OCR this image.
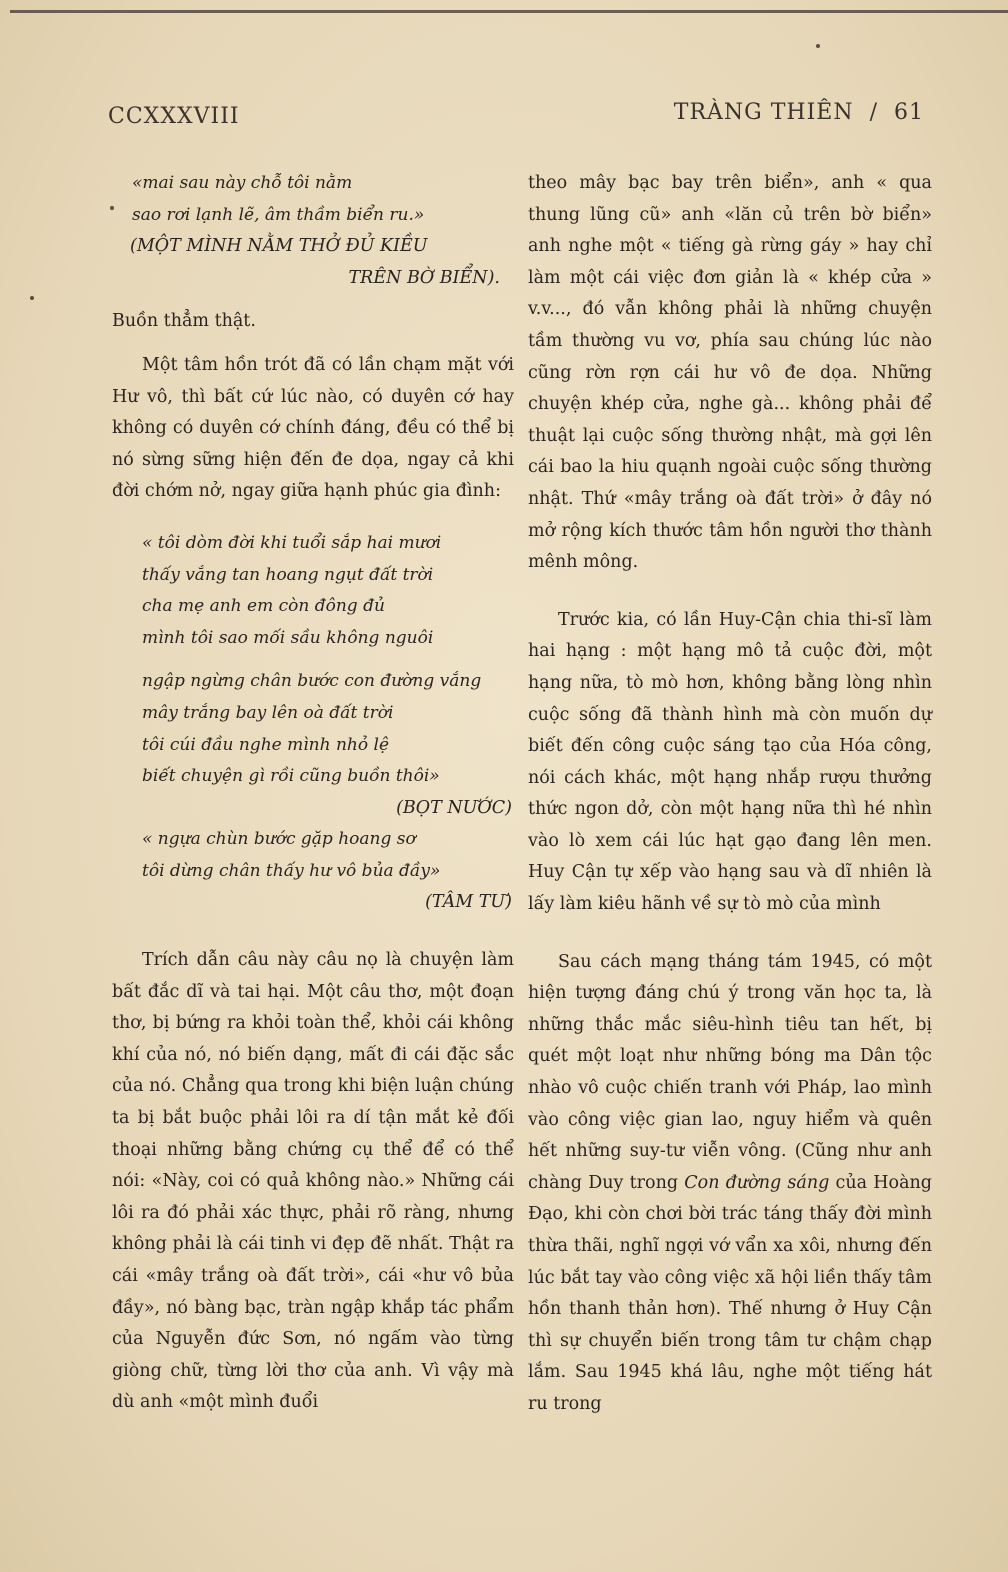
CCXXXVIII	TRÀNG THIÊN / 61

«mai sau này chỗ tôi nằm

sao rơi lạnh lẽ, âm thầm biển ru.»

(MỘT MÌNH NẰM THỞ ĐỦ KIỀU

TRÊN BỜ BIỂN).

Buồn thẳm thật.

Một tâm hồn trót đã có lần chạm mặt với Hư vô, thì bất cứ lúc nào, có duyên cớ hay không có duyên cớ chính đáng, đều có thể bị nó sừng sững hiện đến đe dọa, ngay cả khi đời chớm nở, ngay giữa hạnh phúc gia đình:

« tôi dòm đời khi tuổi sắp hai mươi

thấy vắng tan hoang ngụt đất trời

cha mẹ anh em còn đông đủ

mình tôi sao mối sầu không nguôi

ngập ngừng chân bước con đường vắng

mây trắng bay lên oà đất trời

tôi cúi đầu nghe mình nhỏ lệ

biết chuyện gì rồi cũng buồn thôi»

(BỌT NƯỚC)

« ngựa chùn bước gặp hoang sơ

tôi dừng chân thấy hư vô bủa đầy»

(TÂM TƯ)

Trích dẫn câu này câu nọ là chuyện làm bất đắc dĩ và tai hại. Một câu thơ, một đoạn thơ, bị bứng ra khỏi toàn thể, khỏi cái không khí của nó, nó biến dạng, mất đi cái đặc sắc của nó. Chẳng qua trong khi biện luận chúng ta bị bắt buộc phải lôi ra dí tận mắt kẻ đối thoại những bằng chứng cụ thể để có thể nói: «Này, coi có quả không nào.» Những cái lôi ra đó phải xác thực, phải rõ ràng, nhưng không phải là cái tinh vi đẹp đẽ nhất. Thật ra cái «mây trắng oà đất trời», cái «hư vô bủa đầy», nó bàng bạc, tràn ngập khắp tác phẩm của Nguyễn đức Sơn, nó ngấm vào từng giòng chữ, từng lời thơ của anh. Vì vậy mà dù anh «một mình đuổi

theo mây bạc bay trên biển», anh « qua thung lũng cũ» anh «lăn củ trên bờ biển» anh nghe một « tiếng gà rừng gáy » hay chỉ làm một cái việc đơn giản là « khép cửa » v.v..., đó vẫn không phải là những chuyện tầm thường vu vơ, phía sau chúng lúc nào cũng rờn rợn cái hư vô đe dọa. Những chuyện khép cửa, nghe gà... không phải để thuật lại cuộc sống thường nhật, mà gợi lên cái bao la hiu quạnh ngoài cuộc sống thường nhật. Thứ «mây trắng oà đất trời» ở đây nó mở rộng kích thước tâm hồn người thơ thành mênh mông.

Trước kia, có lần Huy-Cận chia thi-sĩ làm hai hạng : một hạng mô tả cuộc đời, một hạng nữa, tò mò hơn, không bằng lòng nhìn cuộc sống đã thành hình mà còn muốn dự biết đến công cuộc sáng tạo của Hóa công, nói cách khác, một hạng nhắp rượu thưởng thức ngon dở, còn một hạng nữa thì hé nhìn vào lò xem cái lúc hạt gạo đang lên men. Huy Cận tự xếp vào hạng sau và dĩ nhiên là lấy làm kiêu hãnh về sự tò mò của mình

Sau cách mạng tháng tám 1945, có một hiện tượng đáng chú ý trong văn học ta, là những thắc mắc siêu-hình tiêu tan hết, bị quét một loạt như những bóng ma Dân tộc nhào vô cuộc chiến tranh với Pháp, lao mình vào công việc gian lao, nguy hiểm và quên hết những suy-tư viễn vông. (Cũng như anh chàng Duy trong Con đường sáng của Hoàng Đạo, khi còn chơi bời trác táng thấy đời mình thừa thãi, nghĩ ngợi vớ vẩn xa xôi, nhưng đến lúc bắt tay vào công việc xã hội liền thấy tâm hồn thanh thản hơn). Thế nhưng ở Huy Cận thì sự chuyển biến trong tâm tư chậm chạp lắm. Sau 1945 khá lâu, nghe một tiếng hát ru trong
